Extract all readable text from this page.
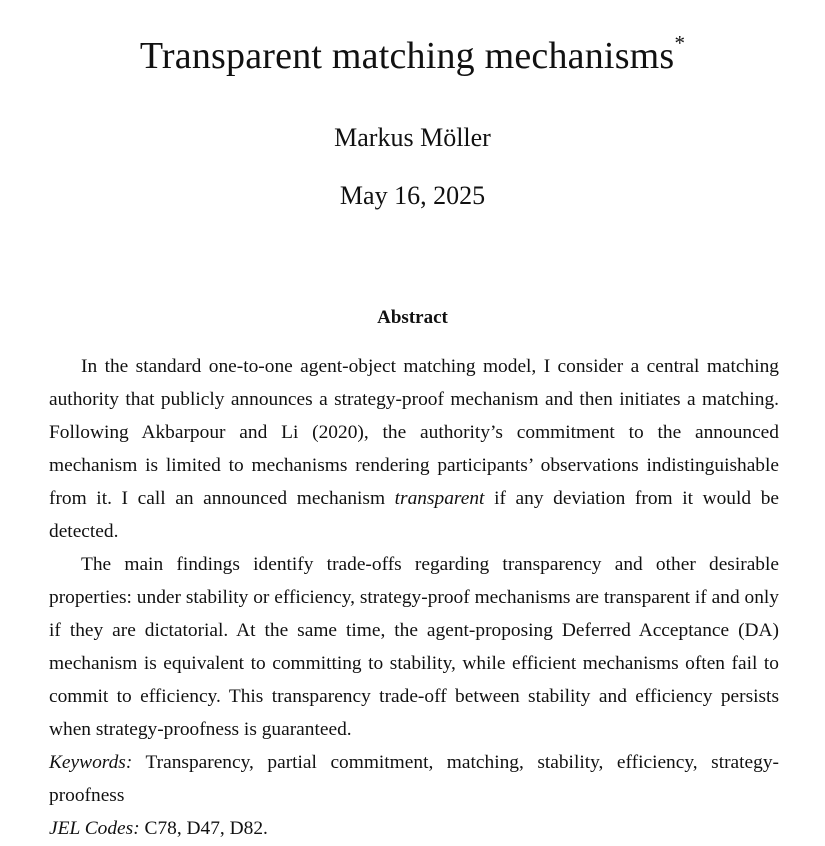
Transparent matching mechanisms*
Markus Möller
May 16, 2025
Abstract

In the standard one-to-one agent-object matching model, I consider a central matching authority that publicly announces a strategy-proof mechanism and then initiates a matching. Following Akbarpour and Li (2020), the authority’s commitment to the announced mechanism is limited to mechanisms rendering participants’ observations indistinguishable from it. I call an announced mechanism transparent if any deviation from it would be detected.

The main findings identify trade-offs regarding transparency and other desirable properties: under stability or efficiency, strategy-proof mechanisms are transparent if and only if they are dictatorial. At the same time, the agent-proposing Deferred Acceptance (DA) mechanism is equivalent to committing to stability, while efficient mechanisms often fail to commit to efficiency. This transparency trade-off between stability and efficiency persists when strategy-proofness is guaranteed.

Keywords: Transparency, partial commitment, matching, stability, efficiency, strategy-proofness

JEL Codes: C78, D47, D82.
